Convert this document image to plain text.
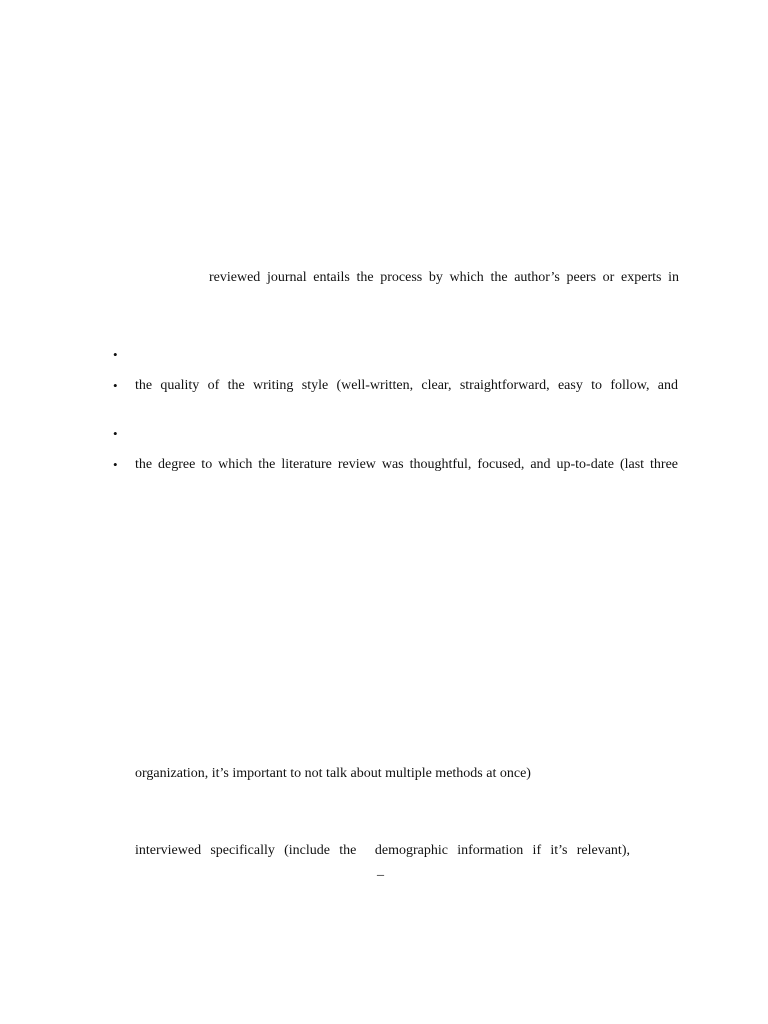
reviewed journal entails the process by which the author’s peers or experts in
•
• the quality of the writing style (well-written, clear, straightforward, easy to follow, and
•
• the degree to which the literature review was thoughtful, focused, and up-to-date (last three
organization, it’s important to not talk about multiple methods at once)
interviewed specifically (include the  demographic information if it’s relevant),
_
